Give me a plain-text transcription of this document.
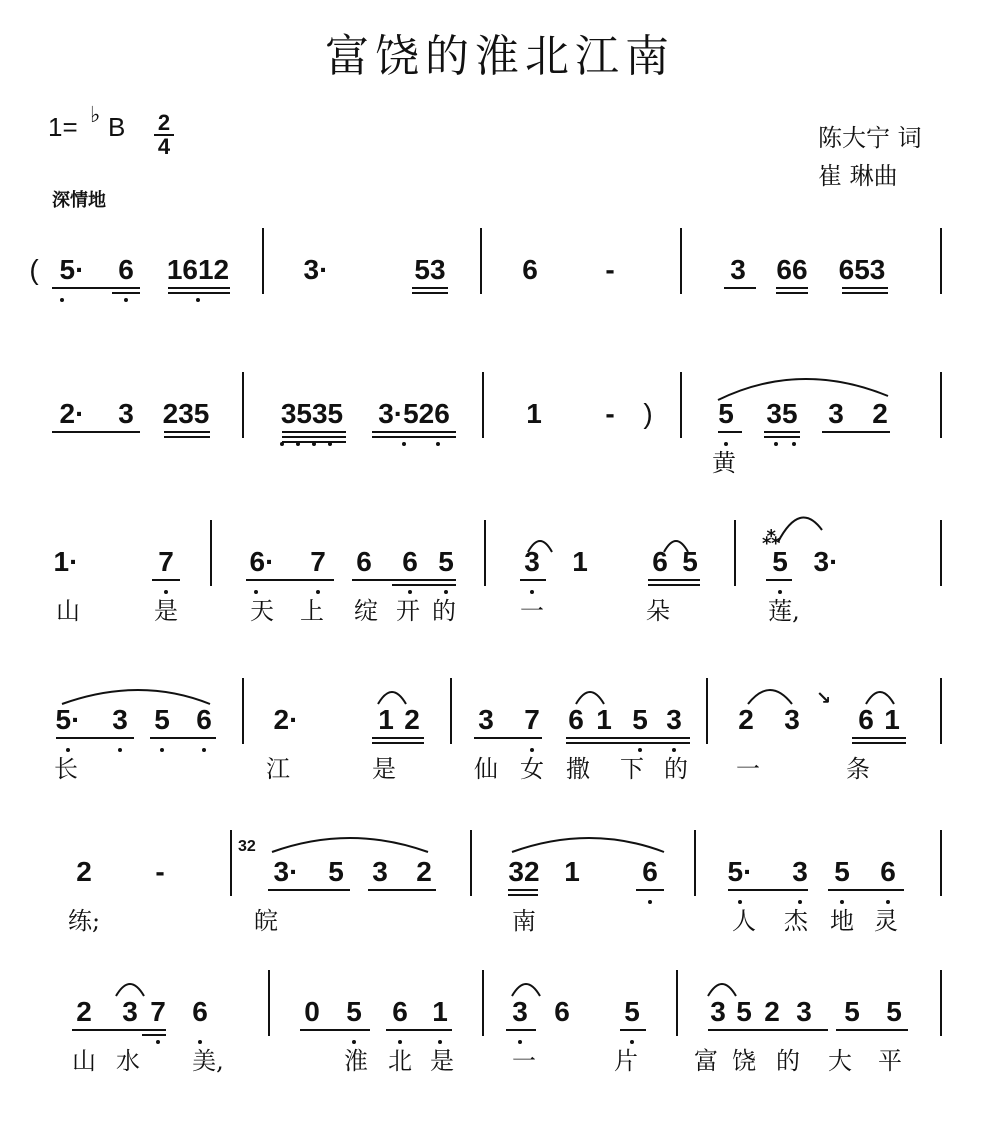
富饶的淮北江南
1= ♭ B $\frac{2}{4}$
深情地
陈大宁 词
崔 琳曲
(
)
⁂
32
↘
5· 6 1612	3·	53	6	-	3 66 653
2· 3 235	3535 3·526	1	-	5 35 3 2
黄
1·	7	6· 7 6 6 5	3 1 6 5	5 3·
山	是	天 上 绽 开 的	一	朵	莲,
5· 3 5 6 2·	1 2 3 7 6 1 5 3 2 3 6 1
长	江	是	仙 女 撒 下 的 一	条
2	-	3· 5 3 2	32 1 6 5· 3 5 6
练;	皖	南	人 杰 地 灵
2 3 7 6	0 5 6 1 3 6 5	3 5 2 3 5 5
山 水 美,	淮 北 是 一	片 富 饶 的 大 平
